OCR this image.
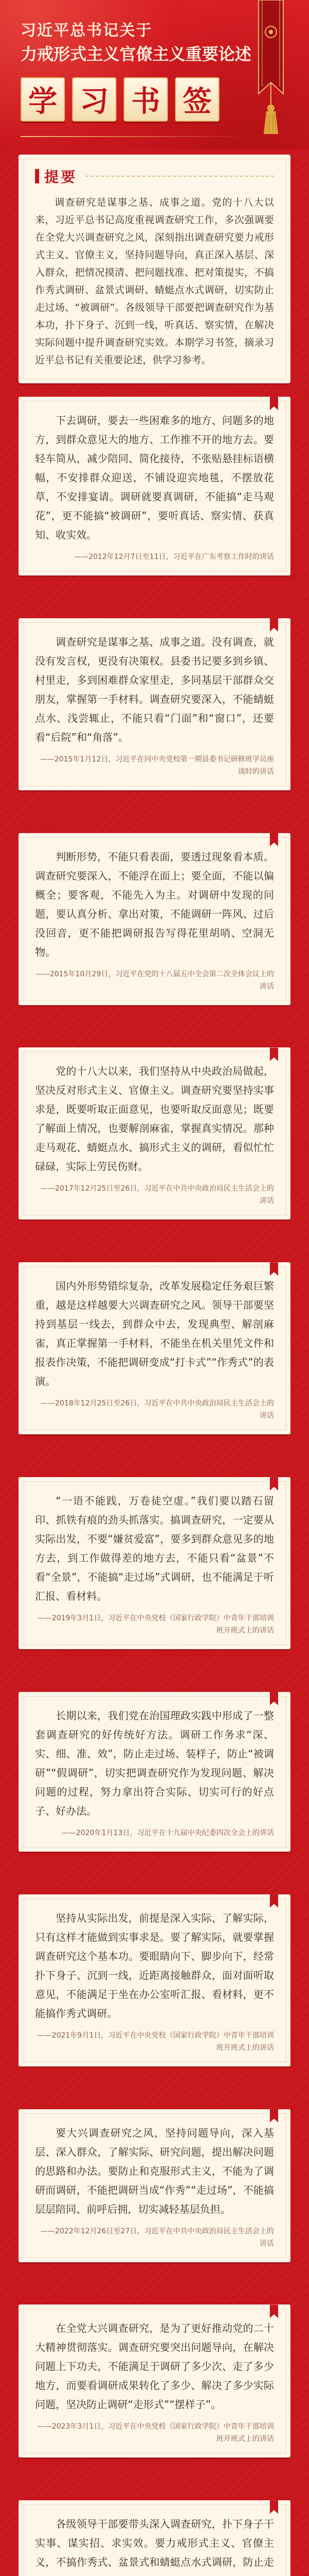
习近平总书记关于
力戒形式主义官僚主义重要论述
学 习 书 签
提要

调查研究是谋事之基、成事之道。党的十八大以来，习近平总书记高度重视调查研究工作，多次强调要在全党大兴调查研究之风，深刻指出调查研究要力戒形式主义、官僚主义，坚持问题导向，真正深入基层、深入群众，把情况摸清、把问题找准、把对策提实，不搞作秀式调研、盆景式调研、蜻蜓点水式调研，切实防止走过场、“被调研”。各级领导干部要把调查研究作为基本功，扑下身子、沉到一线，听真话、察实情，在解决实际问题中提升调查研究实效。本期学习书签，摘录习近平总书记有关重要论述，供学习参考。

下去调研，要去一些困难多的地方、问题多的地方，到群众意见大的地方、工作推不开的地方去。要轻车简从，减少陪同、简化接待，不张贴悬挂标语横幅，不安排群众迎送，不铺设迎宾地毯，不摆放花草，不安排宴请。调研就要真调研，不能搞“走马观花”，更不能搞“被调研”，要听真话、察实情、获真知、收实效。

——2012年12月7日至11日，习近平在广东考察工作时的讲话

调查研究是谋事之基、成事之道。没有调查，就没有发言权，更没有决策权。县委书记要多到乡镇、村里走，多到困难群众家里走，多同基层干部群众交朋友，掌握第一手材料。调查研究要深入，不能蜻蜓点水、浅尝辄止，不能只看“门面”和“窗口”，还要看“后院”和“角落”。

——2015年1月12日，习近平在同中央党校第一期县委书记研修班学员座谈时的讲话

判断形势，不能只看表面，要透过现象看本质。调查研究要深入，不能浮在面上；要全面，不能以偏概全；要客观，不能先入为主。对调研中发现的问题，要认真分析、拿出对策，不能调研一阵风、过后没回音，更不能把调研报告写得花里胡哨、空洞无物。

——2015年10月29日，习近平在党的十八届五中全会第二次全体会议上的讲话

党的十八大以来，我们坚持从中央政治局做起，坚决反对形式主义、官僚主义。调查研究要坚持实事求是，既要听取正面意见，也要听取反面意见；既要了解面上情况，也要解剖麻雀，掌握真实情况。那种走马观花、蜻蜓点水、搞形式主义的调研，看似忙忙碌碌，实际上劳民伤财。

——2017年12月25日至26日，习近平在中共中央政治局民主生活会上的讲话

国内外形势错综复杂，改革发展稳定任务艰巨繁重，越是这样越要大兴调查研究之风。领导干部要坚持到基层一线去，到群众中去，发现典型、解剖麻雀，真正掌握第一手材料，不能坐在机关里凭文件和报表作决策，不能把调研变成“打卡式”“作秀式”的表演。

——2018年12月25日至26日，习近平在中共中央政治局民主生活会上的讲话

“一语不能践，万卷徒空虚。”我们要以踏石留印、抓铁有痕的劲头抓落实。搞调查研究，一定要从实际出发，不要“嫌贫爱富”，要多到群众意见多的地方去，到工作做得差的地方去，不能只看“盆景”不看“全景”，不能搞“走过场”式调研，也不能满足于听汇报、看材料。

——2019年3月1日，习近平在中央党校（国家行政学院）中青年干部培训班开班式上的讲话

长期以来，我们党在治国理政实践中形成了一整套调查研究的好传统好方法。调研工作务求“深、实、细、准、效”，防止走过场、装样子，防止“被调研”“假调研”，切实把调查研究作为发现问题、解决问题的过程，努力拿出符合实际、切实可行的好点子、好办法。

——2020年1月13日，习近平在十九届中央纪委四次全会上的讲话

坚持从实际出发，前提是深入实际、了解实际，只有这样才能做到实事求是。要了解实际，就要掌握调查研究这个基本功。要眼睛向下、脚步向下，经常扑下身子、沉到一线，近距离接触群众，面对面听取意见，不能满足于坐在办公室听汇报、看材料，更不能搞作秀式调研。

——2021年9月1日，习近平在中央党校（国家行政学院）中青年干部培训班开班式上的讲话

要大兴调查研究之风，坚持问题导向，深入基层、深入群众，了解实际、研究问题，提出解决问题的思路和办法。要防止和克服形式主义，不能为了调研而调研，不能把调研当成“作秀”“走过场”，不能搞层层陪同、前呼后拥，切实减轻基层负担。

——2022年12月26日至27日，习近平在中共中央政治局民主生活会上的讲话

在全党大兴调查研究，是为了更好推动党的二十大精神贯彻落实。调查研究要突出问题导向，在解决问题上下功夫，不能满足于调研了多少次、走了多少地方，而要看调研成果转化了多少、解决了多少实际问题，坚决防止调研“走形式”“摆样子”。

——2023年3月1日，习近平在中央党校（国家行政学院）中青年干部培训班开班式上的讲话

各级领导干部要带头深入调查研究，扑下身子干实事、谋实招、求实效。要力戒形式主义、官僚主义，不搞作秀式、盆景式和蜻蜓点水式调研，防止走
